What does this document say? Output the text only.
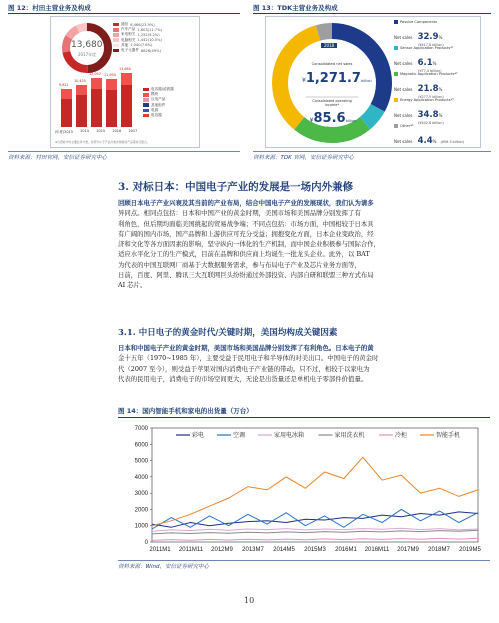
图 12：村田主营业务及构成
13,680
2017年度
通信 6,466(23.9%)
汽车产品 1,603(11.7%)
家电相关 1,252(9.2%)
电脑相关 1,442(10.5%)
其他 1,040(7.6%)
电子元器件 6826(49%)
9,621
10,435
12,097 11,994
13,680
(年度)2013 2014 2015 2016 2017
电容器/滤波器
模块
压电产品
其他组件
电源
电容器
※以营收中为主要业务分类，将部分小于产品分类并销售的产品等进行组合。
资料来源：村田官网，安信证券研究中心
图 13：TDK主营业务及构成
2018
Consolidated net sales
¥1,271.7billion
Consolidated operating income*
¥85.6billion
Passive Components
Net sales 32.9%
(¥417.8 billion)
Sensor Application Products*¹
Net sales 6.1%
(¥77.4 billion)
Magnetic Application Products*²
Net sales 21.8%
(¥277.5 billion)
Energy Application Products*³
Net sales 34.8%
(¥442.8 billion)
Other*⁴
Net sales 4.4% (¥56.3 billion)
资料来源：TDK 官网，安信证券研究中心
3. 对标日本：中国电子产业的发展是一场内外兼修
回顾日本电子产业兴衰及其当前的产业布局，结合中国电子产业的发展现状，我们认为请多
异同点。相同点包括：日本和中国产业的黄金时期，美国市场和美国品牌分别发挥了有
利角色，但后期均面临美国挑起的贸易战争端；不同点包括：市场方面，中国相较于日本具
有广阔的国内市场，国产品牌和上游供应可充分受益；拥抱变化方面，日本企业变政治，经
济和文化等各方面因素的影响，坚守纵向一体化的生产机制，而中国企业积极参与国际合作，
适应水平化分工的生产模式，目前在品牌和供应商上均诞生一批龙头企业。此外，以 BAT
为代表的中国互联网厂商基于大数据服务需求，参与布局电子产业及芯片业务方面等，
日前，百度、阿里、腾讯三大互联网巨头纷纷通过外部投资、内部自研和联盟三种方式布局
AI 芯片。
3.1. 中日电子的黄金时代/关键时期，美国均构成关键因素
日本和中国电子产业的黄金时期，美国市场和美国品牌分别发挥了有利角色。日本电子的黄
金十五年（1970~1985 年），主要受益于民用电子和半导体的对美出口。中国电子的黄金时
代（2007 至今），则受益于苹果对国内消费电子产业链的带动。只不过，相较于以家电为
代表的民用电子，消费电子的市场空间更大，无论是出货量还是单机电子零部件价值量。
图 14：国内智能手机和家电的出货量（万台）
0
1000
2000
3000
4000
5000
6000
7000
2011M1 2011M11 2012M9 2013M7 2014M5 2015M3 2016M1 2016M11 2017M9 2018M7 2019M5
彩电	空调	家用电冰箱	家用洗衣机	冷柜	智能手机
资料来源：Wind，安信证券研究中心
10
